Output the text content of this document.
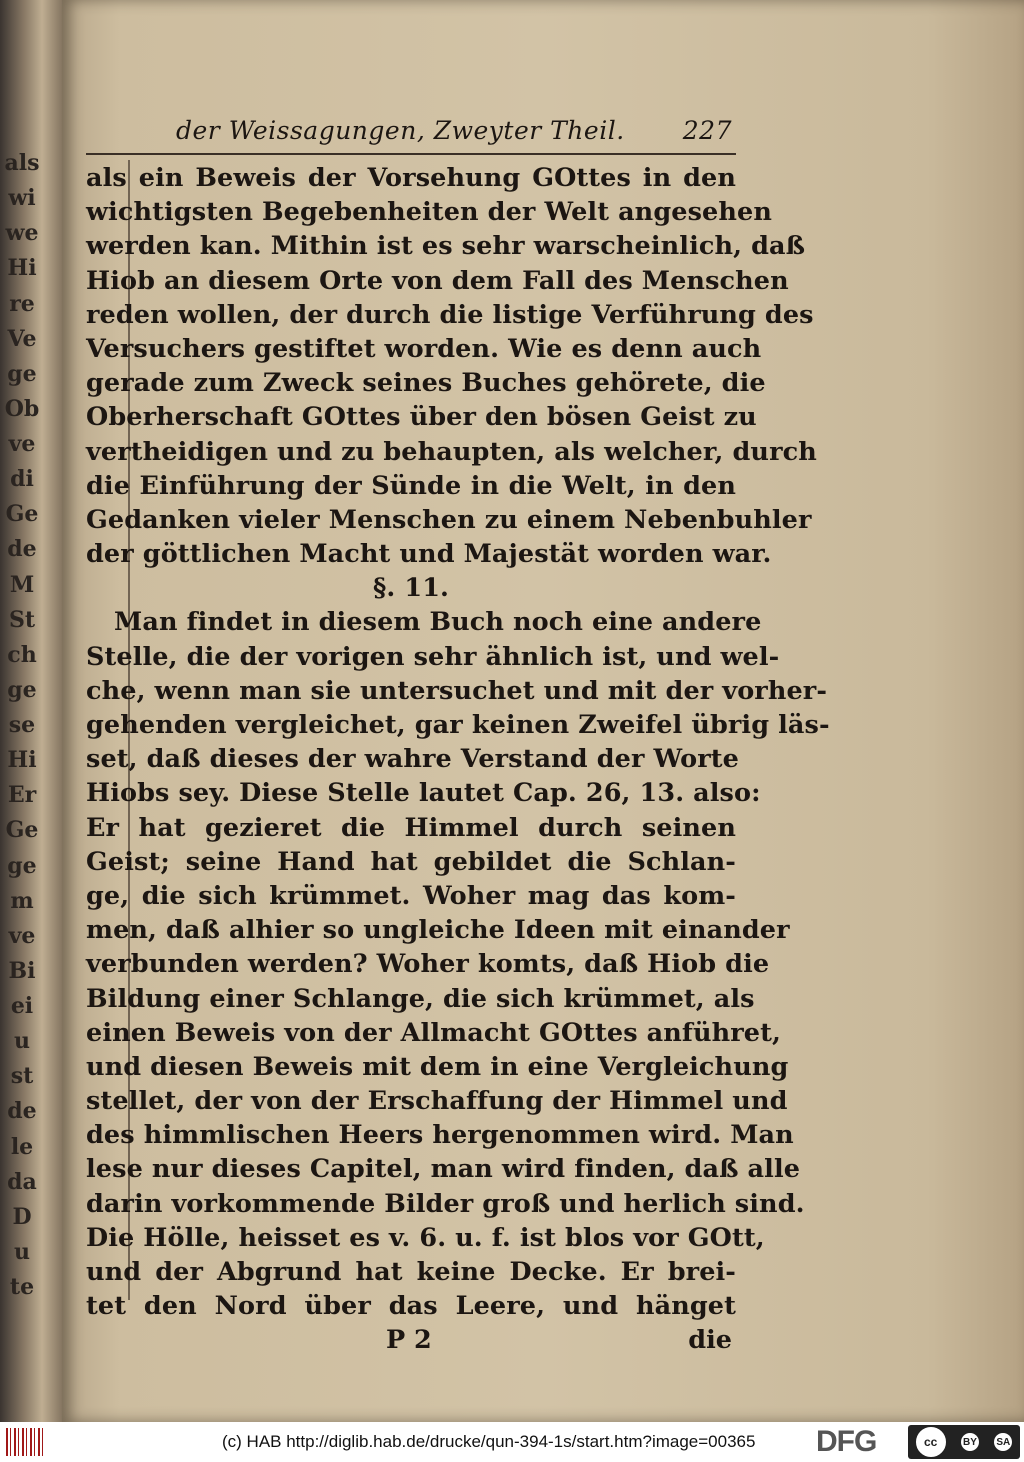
als
wi
we
Hi
re
Ve
ge
Ob
ve
di
Ge
de
M
St
ch
ge
se
Hi
Er
Ge
ge
m
ve
Bi
ei
u
st
de
le
da
D
u
te
der Weissagungen, Zweyter Theil. 227
als ein Beweis der Vorsehung GOttes in den
wichtigsten Begebenheiten der Welt angesehen
werden kan. Mithin ist es sehr warscheinlich, daß
Hiob an diesem Orte von dem Fall des Menschen
reden wollen, der durch die listige Verführung des
Versuchers gestiftet worden. Wie es denn auch
gerade zum Zweck seines Buches gehörete, die
Oberherschaft GOttes über den bösen Geist zu
vertheidigen und zu behaupten, als welcher, durch
die Einführung der Sünde in die Welt, in den
Gedanken vieler Menschen zu einem Nebenbuhler
der göttlichen Macht und Majestät worden war.
§. 11.
Man findet in diesem Buch noch eine andere
Stelle, die der vorigen sehr ähnlich ist, und wel-
che, wenn man sie untersuchet und mit der vorher-
gehenden vergleichet, gar keinen Zweifel übrig läs-
set, daß dieses der wahre Verstand der Worte
Hiobs sey. Diese Stelle lautet Cap. 26, 13. also:
Er hat gezieret die Himmel durch seinen
Geist; seine Hand hat gebildet die Schlan-
ge, die sich krümmet. Woher mag das kom-
men, daß alhier so ungleiche Ideen mit einander
verbunden werden? Woher komts, daß Hiob die
Bildung einer Schlange, die sich krümmet, als
einen Beweis von der Allmacht GOttes anführet,
und diesen Beweis mit dem in eine Vergleichung
stellet, der von der Erschaffung der Himmel und
des himmlischen Heers hergenommen wird. Man
lese nur dieses Capitel, man wird finden, daß alle
darin vorkommende Bilder groß und herlich sind.
Die Hölle, heisset es v. 6. u. f. ist blos vor GOtt,
und der Abgrund hat keine Decke. Er brei-
tet den Nord über das Leere, und hänget
P 2	die
(c) HAB http://diglib.hab.de/drucke/qun-394-1s/start.htm?image=00365 DFG	cc	BY SA
